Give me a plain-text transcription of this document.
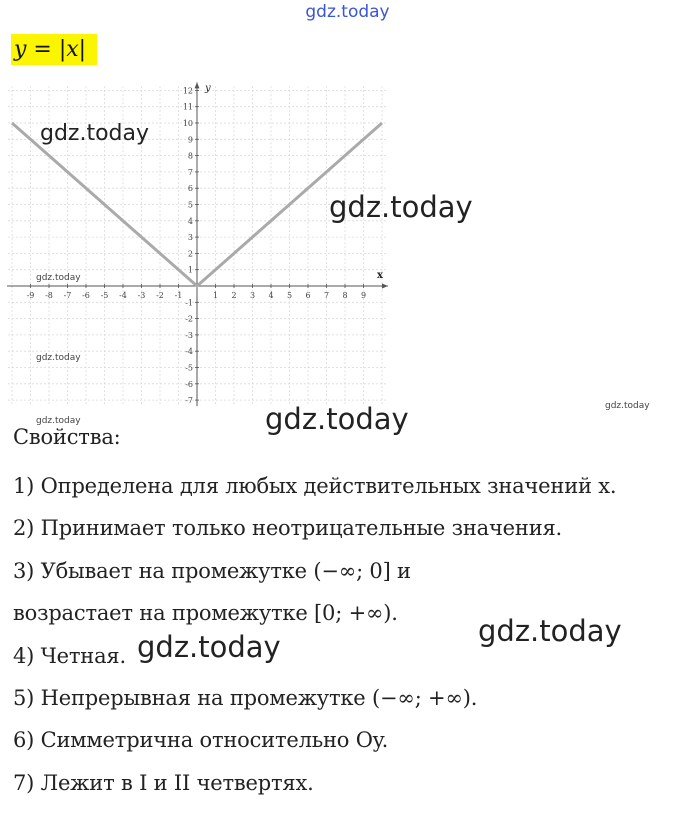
gdz.today
y = |x|
-9 -8 -7 -6 -5 -4 -3 -2 -1	1 2 3 4 5 6 7 8 9
-7
-6
-5
-4
-3
-2
-1
1
2
3
4
5
6
7
8
9
10
11
12
x
y
gdz.today
gdz.today
gdz.today
gdz.today
gdz.today
gdz.today
gdz.today
gdz.today
gdz.today
Свойства:
1) Определена для любых действительных значений x.
2) Принимает только неотрицательные значения.
3) Убывает на промежутке (−∞; 0] и
возрастает на промежутке [0; +∞).
4) Четная.
5) Непрерывная на промежутке (−∞; +∞).
6) Симметрична относительно Oy.
7) Лежит в I и II четвертях.
